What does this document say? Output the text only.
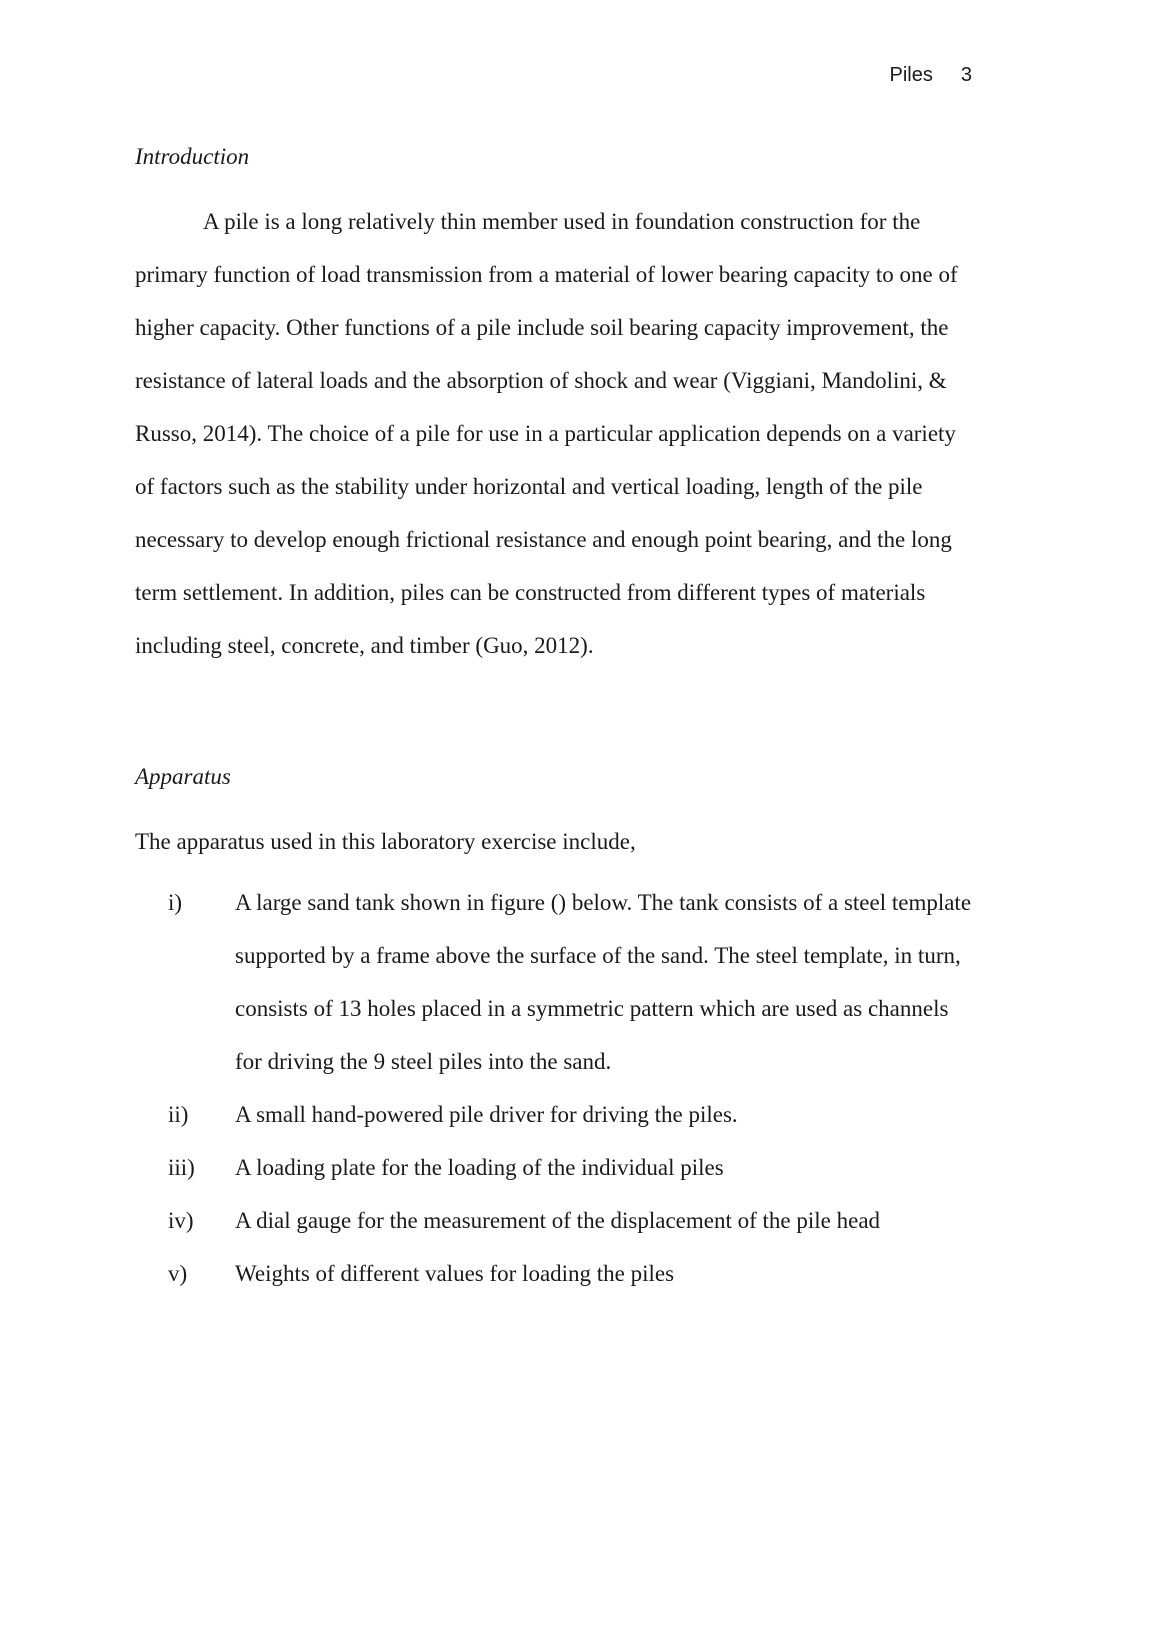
Piles 3
Introduction
A pile is a long relatively thin member used in foundation construction for the primary function of load transmission from a material of lower bearing capacity to one of higher capacity. Other functions of a pile include soil bearing capacity improvement, the resistance of lateral loads and the absorption of shock and wear (Viggiani, Mandolini, & Russo, 2014). The choice of a pile for use in a particular application depends on a variety of factors such as the stability under horizontal and vertical loading, length of the pile necessary to develop enough frictional resistance and enough point bearing, and the long term settlement. In addition, piles can be constructed from different types of materials including steel, concrete, and timber (Guo, 2012).
Apparatus
The apparatus used in this laboratory exercise include,
i)	A large sand tank shown in figure () below. The tank consists of a steel template supported by a frame above the surface of the sand. The steel template, in turn, consists of 13 holes placed in a symmetric pattern which are used as channels for driving the 9 steel piles into the sand.
ii)	A small hand-powered pile driver for driving the piles.
iii)	A loading plate for the loading of the individual piles
iv)	A dial gauge for the measurement of the displacement of the pile head
v)	Weights of different values for loading the piles
